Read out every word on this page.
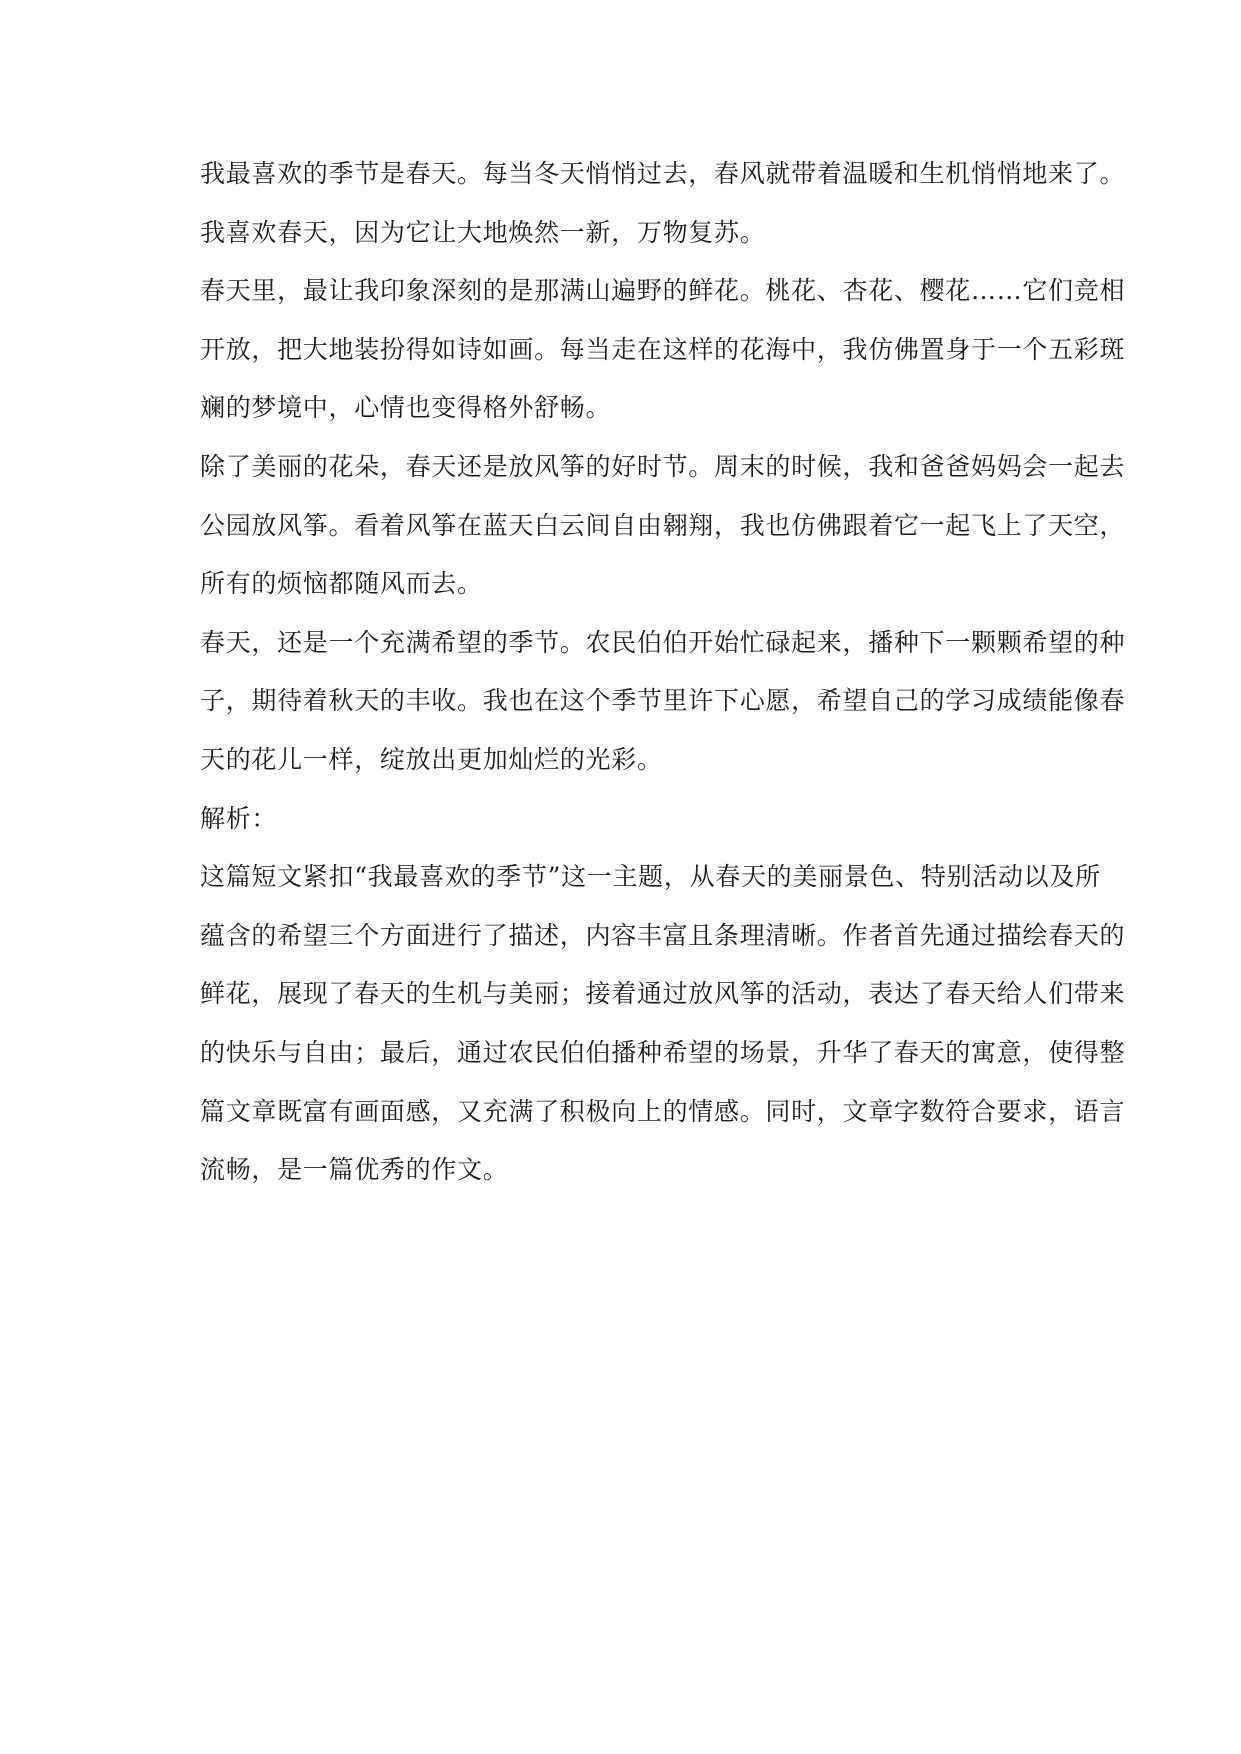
我最喜欢的季节是春天。每当冬天悄悄过去，春风就带着温暖和生机悄悄地来了。
我喜欢春天，因为它让大地焕然一新，万物复苏。
春天里，最让我印象深刻的是那满山遍野的鲜花。桃花、杏花、樱花……它们竞相
开放，把大地装扮得如诗如画。每当走在这样的花海中，我仿佛置身于一个五彩斑
斓的梦境中，心情也变得格外舒畅。
除了美丽的花朵，春天还是放风筝的好时节。周末的时候，我和爸爸妈妈会一起去
公园放风筝。看着风筝在蓝天白云间自由翱翔，我也仿佛跟着它一起飞上了天空，
所有的烦恼都随风而去。
春天，还是一个充满希望的季节。农民伯伯开始忙碌起来，播种下一颗颗希望的种
子，期待着秋天的丰收。我也在这个季节里许下心愿，希望自己的学习成绩能像春
天的花儿一样，绽放出更加灿烂的光彩。
解析：
这篇短文紧扣“我最喜欢的季节”这一主题，从春天的美丽景色、特别活动以及所
蕴含的希望三个方面进行了描述，内容丰富且条理清晰。作者首先通过描绘春天的
鲜花，展现了春天的生机与美丽；接着通过放风筝的活动，表达了春天给人们带来
的快乐与自由；最后，通过农民伯伯播种希望的场景，升华了春天的寓意，使得整
篇文章既富有画面感，又充满了积极向上的情感。同时，文章字数符合要求，语言
流畅，是一篇优秀的作文。
